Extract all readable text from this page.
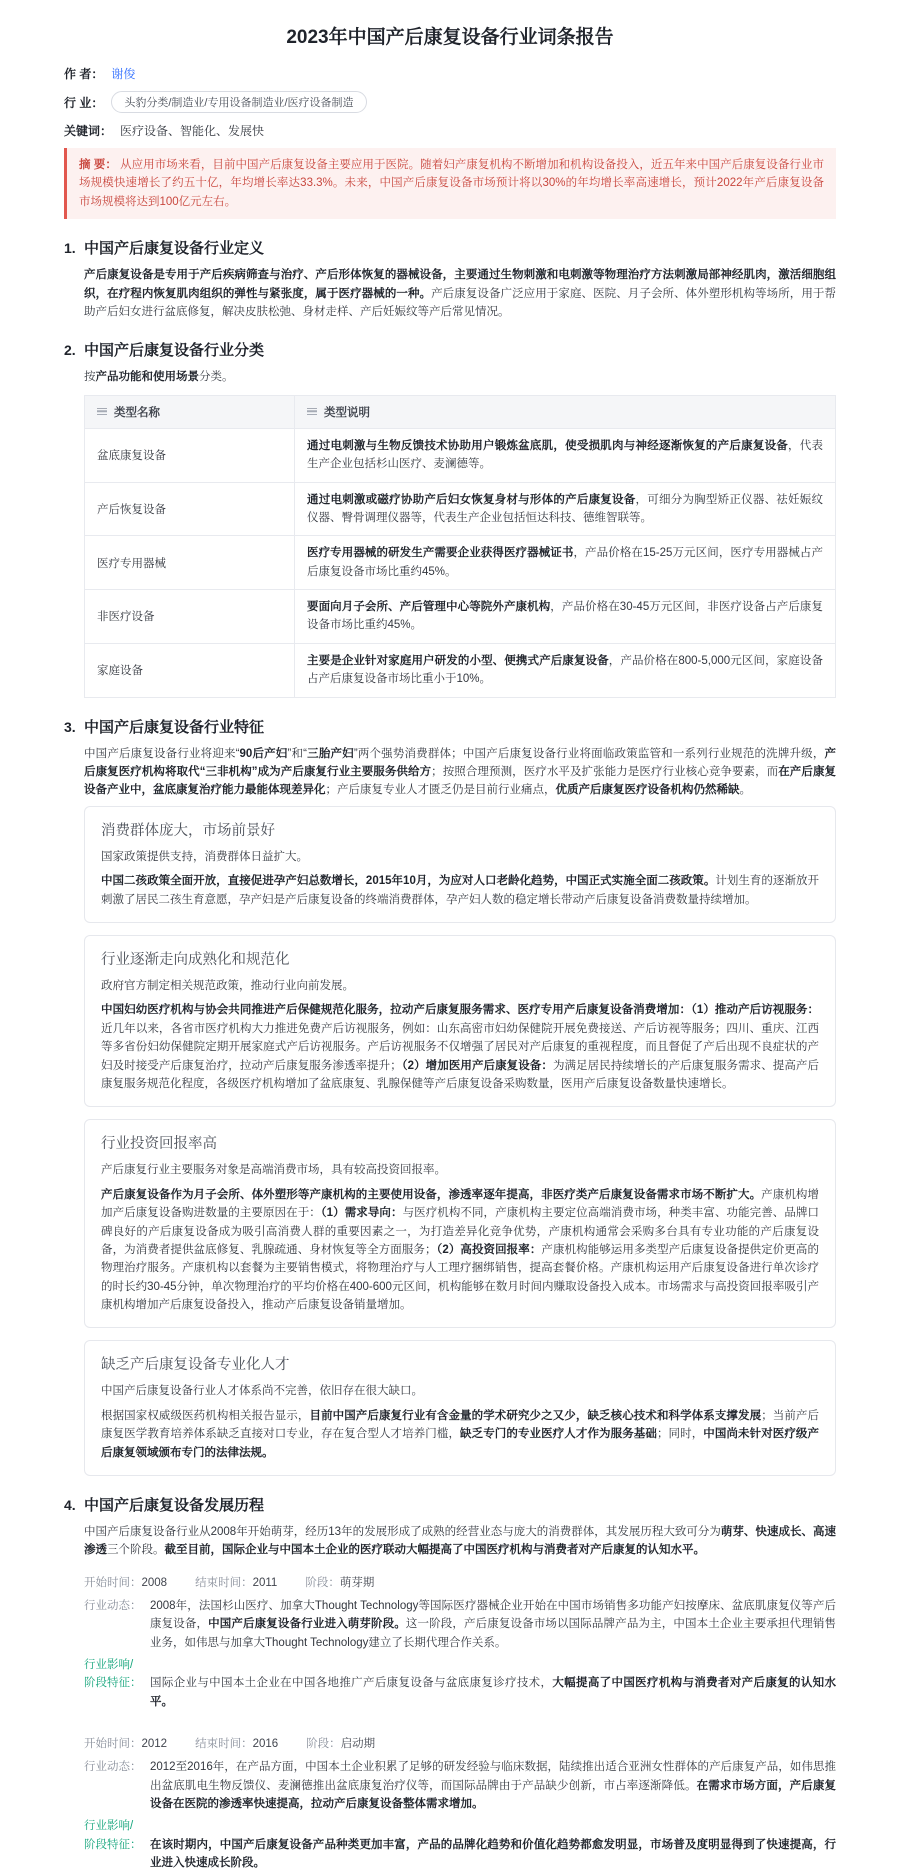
2023年中国产后康复设备行业词条报告
作 者： 谢俊
行 业：	头豹分类/制造业/专用设备制造业/医疗设备制造
关键词： 医疗设备、智能化、发展快
摘 要： 从应用市场来看，目前中国产后康复设备主要应用于医院。随着妇产康复机构不断增加和机构设备投入，近五年来中国产后康复设备行业市场规模快速增长了约五十亿，年均增长率达33.3%。未来，中国产后康复设备市场预计将以30%的年均增长率高速增长，预计2022年产后康复设备市场规模将达到100亿元左右。
1. 中国产后康复设备行业定义

产后康复设备是专用于产后疾病筛查与治疗、产后形体恢复的器械设备，主要通过生物刺激和电刺激等物理治疗方法刺激局部神经肌肉，激活细胞组织，在疗程内恢复肌肉组织的弹性与紧张度，属于医疗器械的一种。产后康复设备广泛应用于家庭、医院、月子会所、体外塑形机构等场所，用于帮助产后妇女进行盆底修复，解决皮肤松弛、身材走样、产后妊娠纹等产后常见情况。

2. 中国产后康复设备行业分类

按产品功能和使用场景分类。

类型名称	类型说明
盆底康复设备	通过电刺激与生物反馈技术协助用户锻炼盆底肌，使受损肌肉与神经逐渐恢复的产后康复设备，代表生产企业包括杉山医疗、麦澜德等。
产后恢复设备	通过电刺激或磁疗协助产后妇女恢复身材与形体的产后康复设备，可细分为胸型矫正仪器、祛妊娠纹仪器、臀骨调理仪器等，代表生产企业包括恒达科技、德维智联等。
医疗专用器械	医疗专用器械的研发生产需要企业获得医疗器械证书，产品价格在15-25万元区间，医疗专用器械占产后康复设备市场比重约45%。
非医疗设备	要面向月子会所、产后管理中心等院外产康机构，产品价格在30-45万元区间，非医疗设备占产后康复设备市场比重约45%。
家庭设备	主要是企业针对家庭用户研发的小型、便携式产后康复设备，产品价格在800-5,000元区间，家庭设备占产后康复设备市场比重小于10%。
3. 中国产后康复设备行业特征

中国产后康复设备行业将迎来“90后产妇”和“三胎产妇”两个强势消费群体；中国产后康复设备行业将面临政策监管和一系列行业规范的洗牌升级，产后康复医疗机构将取代“三非机构”成为产后康复行业主要服务供给方；按照合理预测，医疗水平及扩张能力是医疗行业核心竞争要素，而在产后康复设备产业中，盆底康复治疗能力最能体现差异化；产后康复专业人才匮乏仍是目前行业痛点，优质产后康复医疗设备机构仍然稀缺。

消费群体庞大，市场前景好

国家政策提供支持，消费群体日益扩大。

中国二孩政策全面开放，直接促进孕产妇总数增长，2015年10月，为应对人口老龄化趋势，中国正式实施全面二孩政策。计划生育的逐渐放开刺激了居民二孩生育意愿，孕产妇是产后康复设备的终端消费群体，孕产妇人数的稳定增长带动产后康复设备消费数量持续增加。

行业逐渐走向成熟化和规范化

政府官方制定相关规范政策，推动行业向前发展。

中国妇幼医疗机构与协会共同推进产后保健规范化服务，拉动产后康复服务需求、医疗专用产后康复设备消费增加：（1）推动产后访视服务：近几年以来，各省市医疗机构大力推进免费产后访视服务，例如：山东高密市妇幼保健院开展免费接送、产后访视等服务；四川、重庆、江西等多省份妇幼保健院定期开展家庭式产后访视服务。产后访视服务不仅增强了居民对产后康复的重视程度，而且督促了产后出现不良症状的产妇及时接受产后康复治疗，拉动产后康复服务渗透率提升；（2）增加医用产后康复设备：为满足居民持续增长的产后康复服务需求、提高产后康复服务规范化程度，各级医疗机构增加了盆底康复、乳腺保健等产后康复设备采购数量，医用产后康复设备数量快速增长。

行业投资回报率高

产后康复行业主要服务对象是高端消费市场，具有较高投资回报率。

产后康复设备作为月子会所、体外塑形等产康机构的主要使用设备，渗透率逐年提高，非医疗类产后康复设备需求市场不断扩大。产康机构增加产后康复设备购进数量的主要原因在于：（1）需求导向：与医疗机构不同，产康机构主要定位高端消费市场，种类丰富、功能完善、品牌口碑良好的产后康复设备成为吸引高消费人群的重要因素之一，为打造差异化竞争优势，产康机构通常会采购多台具有专业功能的产后康复设备，为消费者提供盆底修复、乳腺疏通、身材恢复等全方面服务；（2）高投资回报率：产康机构能够运用多类型产后康复设备提供定价更高的物理治疗服务。产康机构以套餐为主要销售模式，将物理治疗与人工理疗捆绑销售，提高套餐价格。产康机构运用产后康复设备进行单次诊疗的时长约30-45分钟，单次物理治疗的平均价格在400-600元区间，机构能够在数月时间内赚取设备投入成本。市场需求与高投资回报率吸引产康机构增加产后康复设备投入，推动产后康复设备销量增加。

缺乏产后康复设备专业化人才

中国产后康复设备行业人才体系尚不完善，依旧存在很大缺口。

根据国家权威级医药机构相关报告显示，目前中国产后康复行业有含金量的学术研究少之又少，缺乏核心技术和科学体系支撑发展；当前产后康复医学教育培养体系缺乏直接对口专业，存在复合型人才培养门槛，缺乏专门的专业医疗人才作为服务基础；同时，中国尚未针对医疗级产后康复领域颁布专门的法律法规。

4. 中国产后康复设备发展历程

中国产后康复设备行业从2008年开始萌芽，经历13年的发展形成了成熟的经营业态与庞大的消费群体，其发展历程大致可分为萌芽、快速成长、高速渗透三个阶段。截至目前，国际企业与中国本土企业的医疗联动大幅提高了中国医疗机构与消费者对产后康复的认知水平。

开始时间：2008 结束时间：2011 阶段：萌芽期
行业动态： 2008年，法国杉山医疗、加拿大Thought Technology等国际医疗器械企业开始在中国市场销售多功能产妇按摩床、盆底肌康复仪等产后康复设备，中国产后康复设备行业进入萌芽阶段。这一阶段，产后康复设备市场以国际品牌产品为主，中国本土企业主要承担代理销售业务，如伟思与加拿大Thought Technology建立了长期代理合作关系。
行业影响/
阶段特征： 国际企业与中国本土企业在中国各地推广产后康复设备与盆底康复诊疗技术，大幅提高了中国医疗机构与消费者对产后康复的认知水平。
开始时间：2012 结束时间：2016 阶段：启动期
行业动态： 2012至2016年，在产品方面，中国本土企业积累了足够的研发经验与临床数据，陆续推出适合亚洲女性群体的产后康复产品，如伟思推出盆底肌电生物反馈仪、麦澜德推出盆底康复治疗仪等，而国际品牌由于产品缺少创新，市占率逐渐降低。在需求市场方面，产后康复设备在医院的渗透率快速提高，拉动产后康复设备整体需求增加。
行业影响/
阶段特征： 在该时期内，中国产后康复设备产品种类更加丰富，产品的品牌化趋势和价值化趋势都愈发明显，市场普及度明显得到了快速提高，行业进入快速成长阶段。
